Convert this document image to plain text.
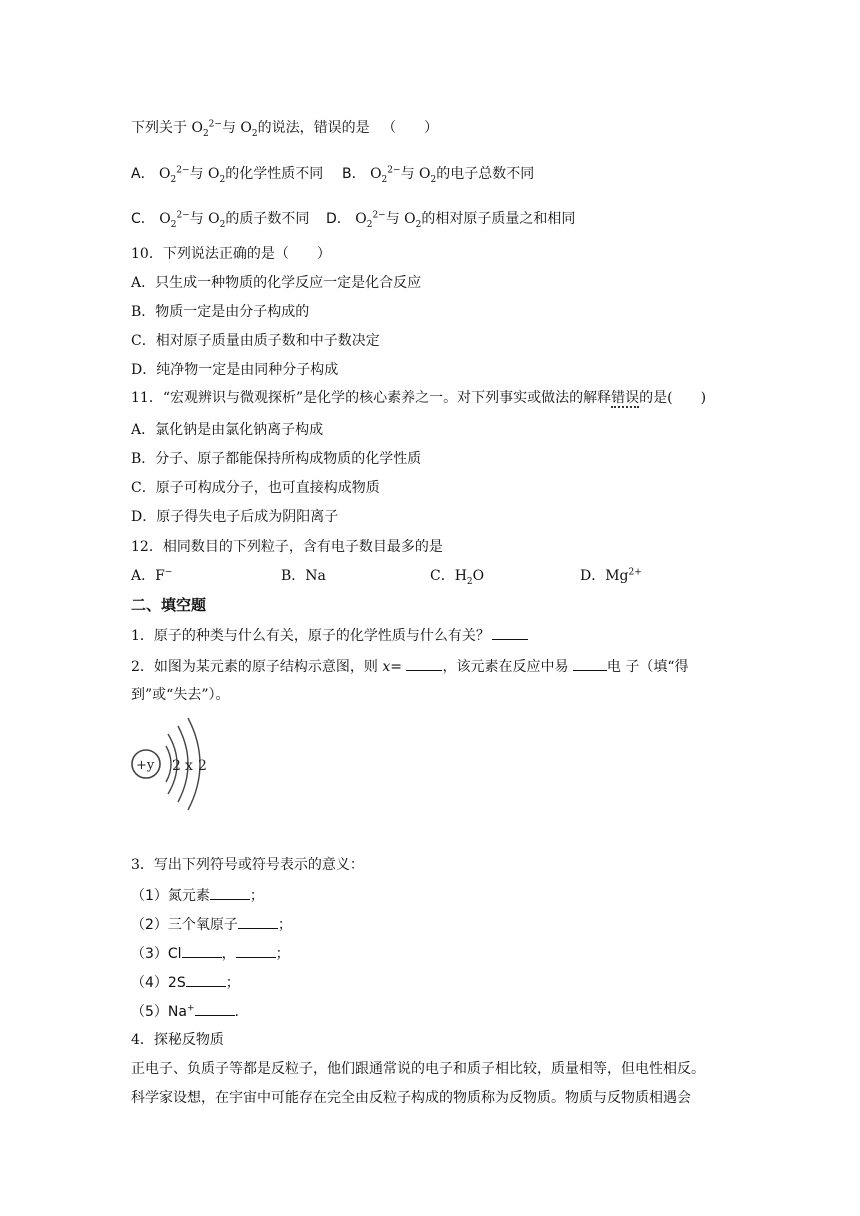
下列关于 $O_2^{2-}$与 $O_2$的说法，错误的是 （　　）
A． $O_2^{2-}$与 $O_2$的化学性质不同 B． $O_2^{2-}$与 $O_2$的电子总数不同
C． $O_2^{2-}$与 $O_2$的质子数不同 D． $O_2^{2-}$与 $O_2$的相对原子质量之和相同
10．下列说法正确的是（　　）
A．只生成一种物质的化学反应一定是化合反应
B．物质一定是由分子构成的
C．相对原子质量由质子数和中子数决定
D．纯净物一定是由同种分子构成
11．“宏观辨识与微观探析”是化学的核心素养之一。对下列事实或做法的解释错误的是(　　)
A．氯化钠是由氯化钠离子构成
B．分子、原子都能保持所构成物质的化学性质
C．原子可构成分子，也可直接构成物质
D．原子得失电子后成为阴阳离子
12．相同数目的下列粒子，含有电子数目最多的是
A．F−	B．Na	C．$H_2O$	D．$Mg^{2+}$
二、填空题
1．原子的种类与什么有关，原子的化学性质与什么有关？
2．如图为某元素的原子结构示意图，则 x=	，该元素在反应中易 电 子（填“得
到”或“失去”）。
+y 2 x 2
3．写出下列符号或符号表示的意义：
（1）氮元素	；
（2）三个氧原子	；
（3）Cl	，	；
（4）2S	；
（5）Na+	.
4．探秘反物质
正电子、负质子等都是反粒子，他们跟通常说的电子和质子相比较，质量相等，但电性相反。
科学家设想，在宇宙中可能存在完全由反粒子构成的物质称为反物质。物质与反物质相遇会
